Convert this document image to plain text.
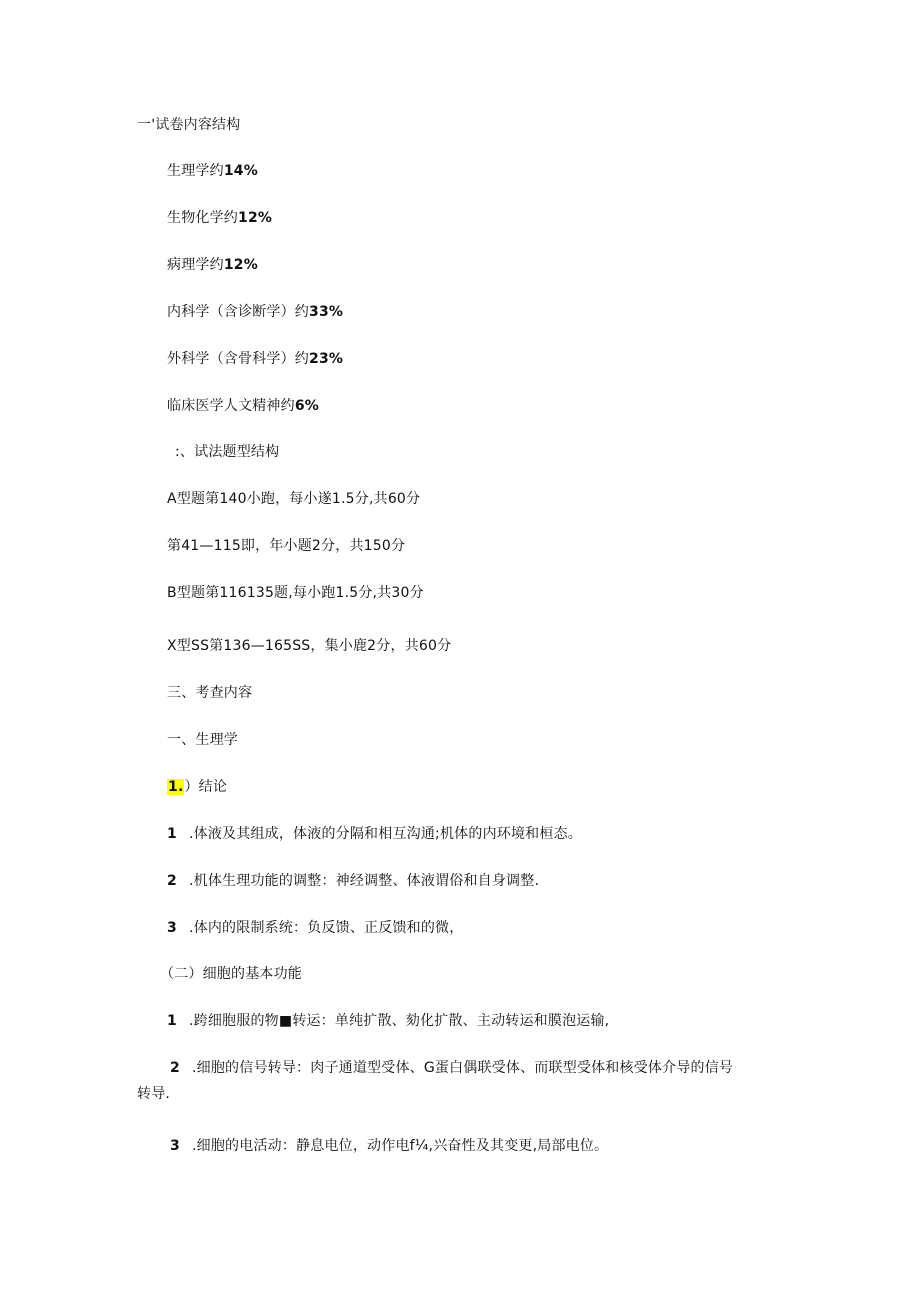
一'试卷内容结构
生理学约14%
生物化学约12%
病理学约12%
内科学（含诊断学）约33%
外科学（含骨科学）约23%
临床医学人文精神约6%
:、试法题型结构
A型题第140小跑，每小遂1.5分,共60分
第41—115即，年小题2分，共150分
B型题第116135题,每小跑1.5分,共30分
X型SS第136—165SS，集小鹿2分，共60分
三、考查内容
一、生理学
1.）结论
1 .体液及其组成，体液的分隔和相互沟通;机体的内环境和桓态。
2 .机体生理功能的调整：神经调整、体液谓俗和自身调整.
3 .体内的限制系统：负反馈、正反馈和的微，
（二）细胞的基本功能
1 .跨细胞服的物■转运：单纯扩散、劾化扩散、主动转运和膜泡运输,
2 .细胞的信号转导：肉子通道型受体、G蛋白偶联受体、而联型受体和核受体介导的信号
转导.
3 .细胞的电活动：静息电位，动作电f¼,兴奋性及其变更,局部电位。
